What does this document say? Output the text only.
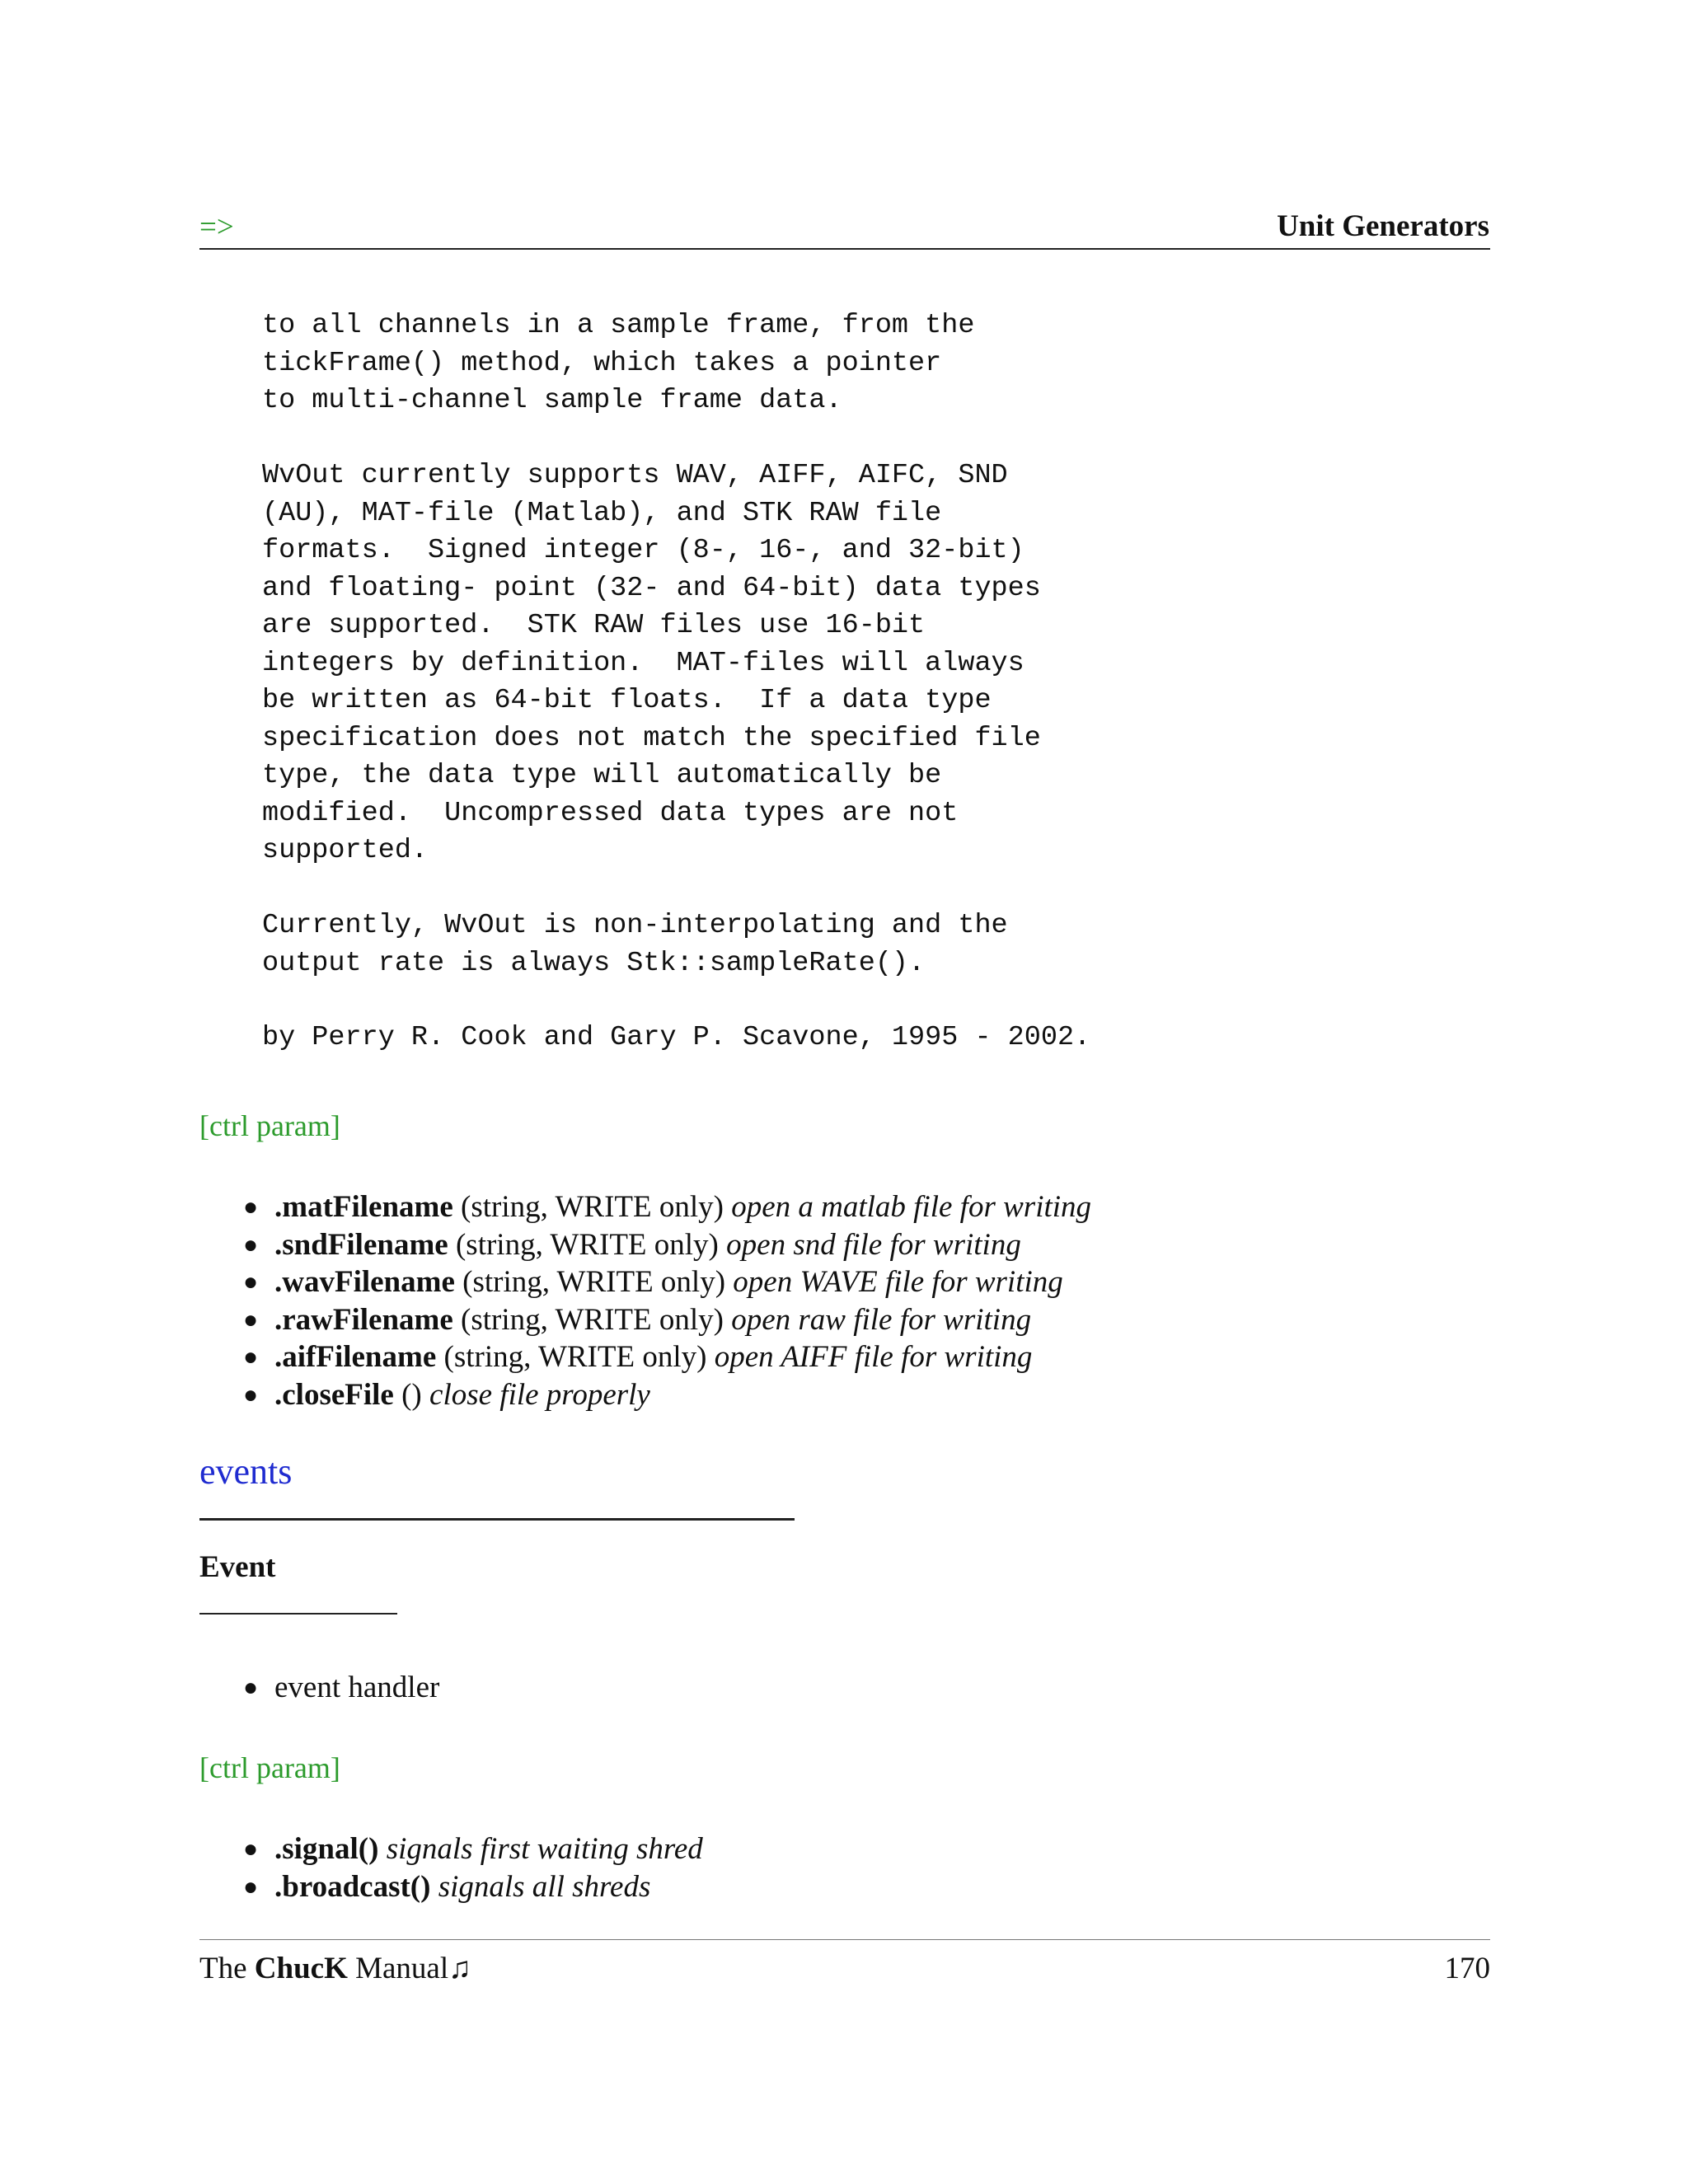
=>	Unit Generators
to all channels in a sample frame, from the
tickFrame() method, which takes a pointer
to multi-channel sample frame data.
WvOut currently supports WAV, AIFF, AIFC, SND
(AU), MAT-file (Matlab), and STK RAW file
formats.  Signed integer (8-, 16-, and 32-bit)
and floating- point (32- and 64-bit) data types
are supported.  STK RAW files use 16-bit
integers by definition.  MAT-files will always
be written as 64-bit floats.  If a data type
specification does not match the specified file
type, the data type will automatically be
modified.  Uncompressed data types are not
supported.
Currently, WvOut is non-interpolating and the
output rate is always Stk::sampleRate().
by Perry R. Cook and Gary P. Scavone, 1995 - 2002.
[ctrl param]
● .matFilename (string, WRITE only) open a matlab file for writing
● .sndFilename (string, WRITE only) open snd file for writing
● .wavFilename (string, WRITE only) open WAVE file for writing
● .rawFilename (string, WRITE only) open raw file for writing
● .aifFilename (string, WRITE only) open AIFF file for writing
● .closeFile () close file properly
events
Event
● event handler
[ctrl param]
● .signal() signals first waiting shred
● .broadcast() signals all shreds
The ChucK Manual♫	170
